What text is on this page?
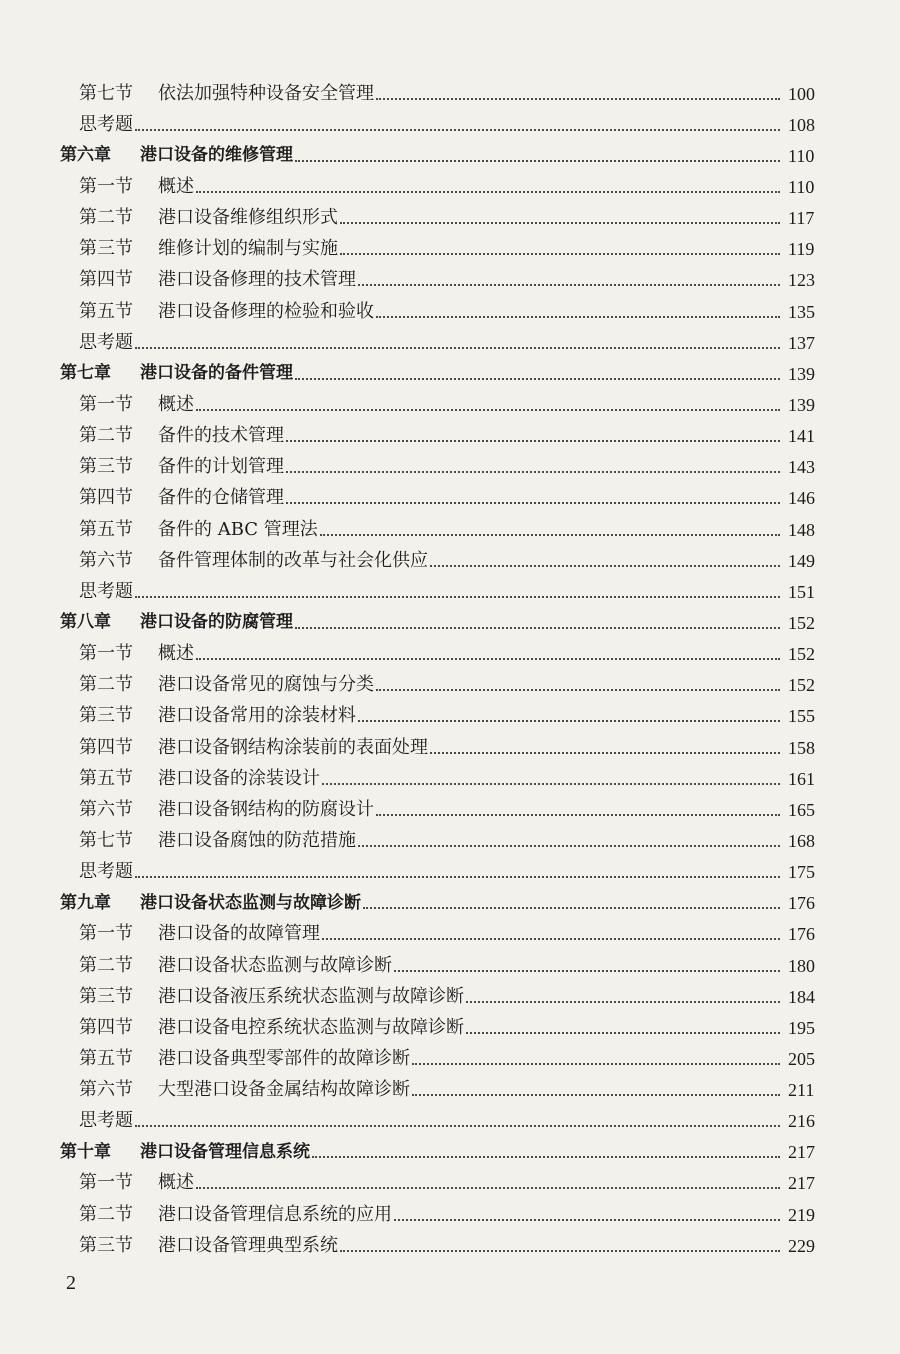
第七节	依法加强特种设备安全管理	100
思考题	108
第六章	港口设备的维修管理	110
第一节	概述	110
第二节	港口设备维修组织形式	117
第三节	维修计划的编制与实施	119
第四节	港口设备修理的技术管理	123
第五节	港口设备修理的检验和验收	135
思考题	137
第七章	港口设备的备件管理	139
第一节	概述	139
第二节	备件的技术管理	141
第三节	备件的计划管理	143
第四节	备件的仓储管理	146
第五节	备件的 ABC 管理法	148
第六节	备件管理体制的改革与社会化供应	149
思考题	151
第八章	港口设备的防腐管理	152
第一节	概述	152
第二节	港口设备常见的腐蚀与分类	152
第三节	港口设备常用的涂装材料	155
第四节	港口设备钢结构涂装前的表面处理	158
第五节	港口设备的涂装设计	161
第六节	港口设备钢结构的防腐设计	165
第七节	港口设备腐蚀的防范措施	168
思考题	175
第九章	港口设备状态监测与故障诊断	176
第一节	港口设备的故障管理	176
第二节	港口设备状态监测与故障诊断	180
第三节	港口设备液压系统状态监测与故障诊断	184
第四节	港口设备电控系统状态监测与故障诊断	195
第五节	港口设备典型零部件的故障诊断	205
第六节	大型港口设备金属结构故障诊断	211
思考题	216
第十章	港口设备管理信息系统	217
第一节	概述	217
第二节	港口设备管理信息系统的应用	219
第三节	港口设备管理典型系统	229
2
